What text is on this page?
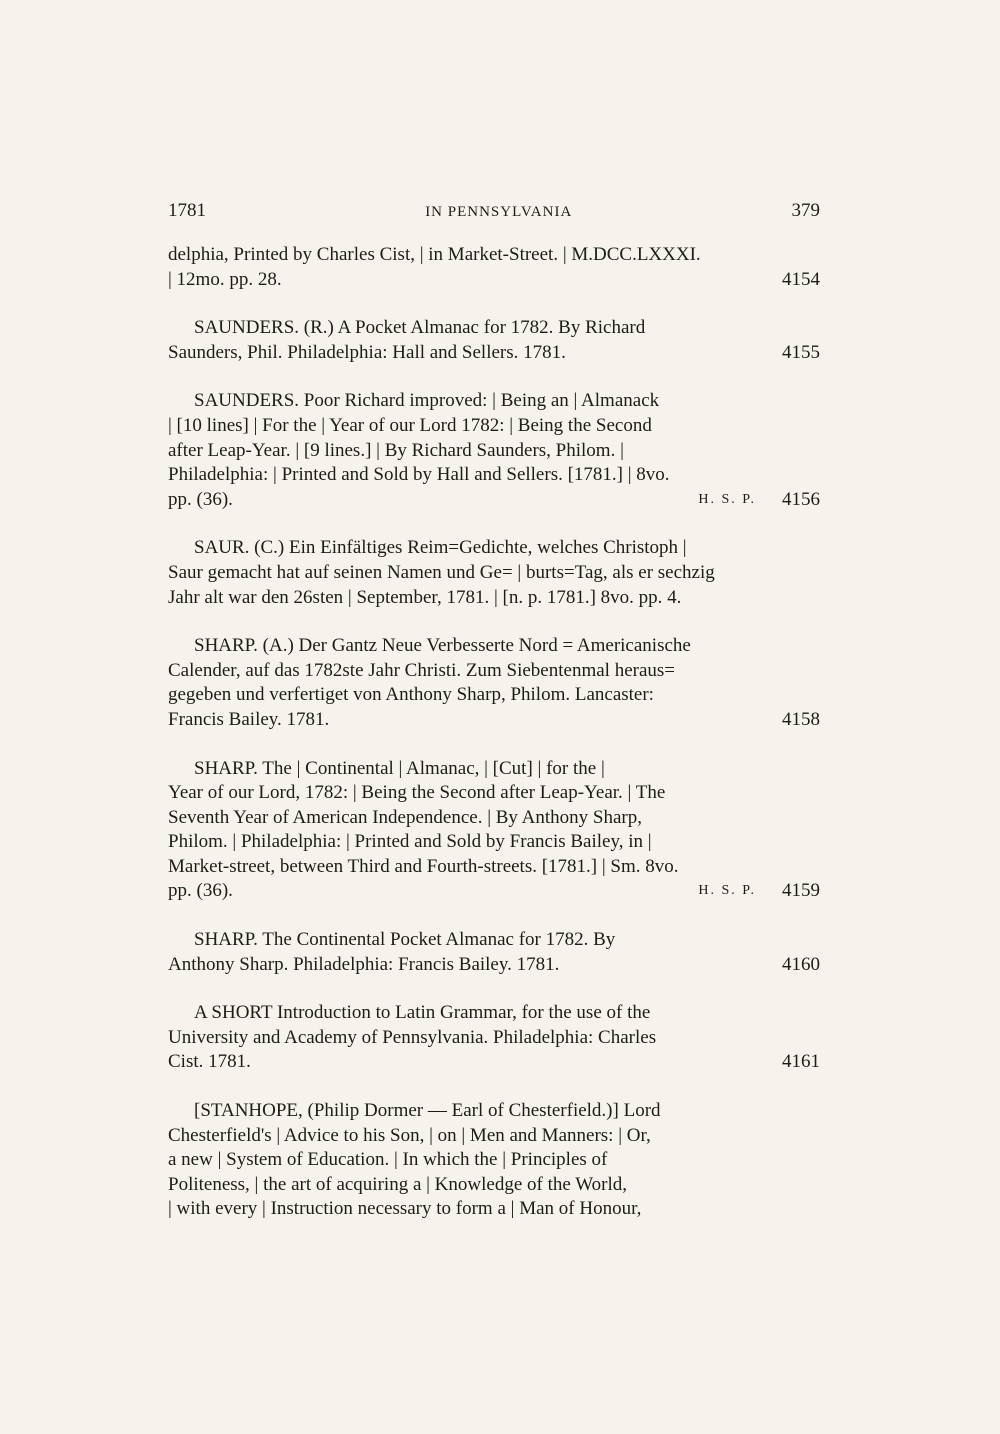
1781	IN PENNSYLVANIA	379
delphia, Printed by Charles Cist, | in Market-Street. | M.DCC.LXXXI.
| 12mo. pp. 28.	4154
SAUNDERS. (R.) A Pocket Almanac for 1782. By Richard
Saunders, Phil. Philadelphia: Hall and Sellers. 1781.	4155
SAUNDERS. Poor Richard improved: | Being an | Almanack
| [10 lines] | For the | Year of our Lord 1782: | Being the Second
after Leap-Year. | [9 lines.] | By Richard Saunders, Philom. |
Philadelphia: | Printed and Sold by Hall and Sellers. [1781.] | 8vo.
pp. (36).	H. S. P. 4156
SAUR. (C.) Ein Einfältiges Reim=Gedichte, welches Christoph |
Saur gemacht hat auf seinen Namen und Ge= | burts=Tag, als er sechzig
Jahr alt war den 26sten | September, 1781. | [n. p. 1781.] 8vo. pp. 4.
SHARP. (A.) Der Gantz Neue Verbesserte Nord = Americanische
Calender, auf das 1782ste Jahr Christi. Zum Siebentenmal heraus=
gegeben und verfertiget von Anthony Sharp, Philom. Lancaster:
Francis Bailey. 1781.	4158
SHARP. The | Continental | Almanac, | [Cut] | for the |
Year of our Lord, 1782: | Being the Second after Leap-Year. | The
Seventh Year of American Independence. | By Anthony Sharp,
Philom. | Philadelphia: | Printed and Sold by Francis Bailey, in |
Market-street, between Third and Fourth-streets. [1781.] | Sm. 8vo.
pp. (36).	H. S. P. 4159
SHARP. The Continental Pocket Almanac for 1782. By
Anthony Sharp. Philadelphia: Francis Bailey. 1781.	4160
A SHORT Introduction to Latin Grammar, for the use of the
University and Academy of Pennsylvania. Philadelphia: Charles
Cist. 1781.	4161
[STANHOPE, (Philip Dormer — Earl of Chesterfield.)] Lord
Chesterfield's | Advice to his Son, | on | Men and Manners: | Or,
a new | System of Education. | In which the | Principles of
Politeness, | the art of acquiring a | Knowledge of the World,
| with every | Instruction necessary to form a | Man of Honour,
